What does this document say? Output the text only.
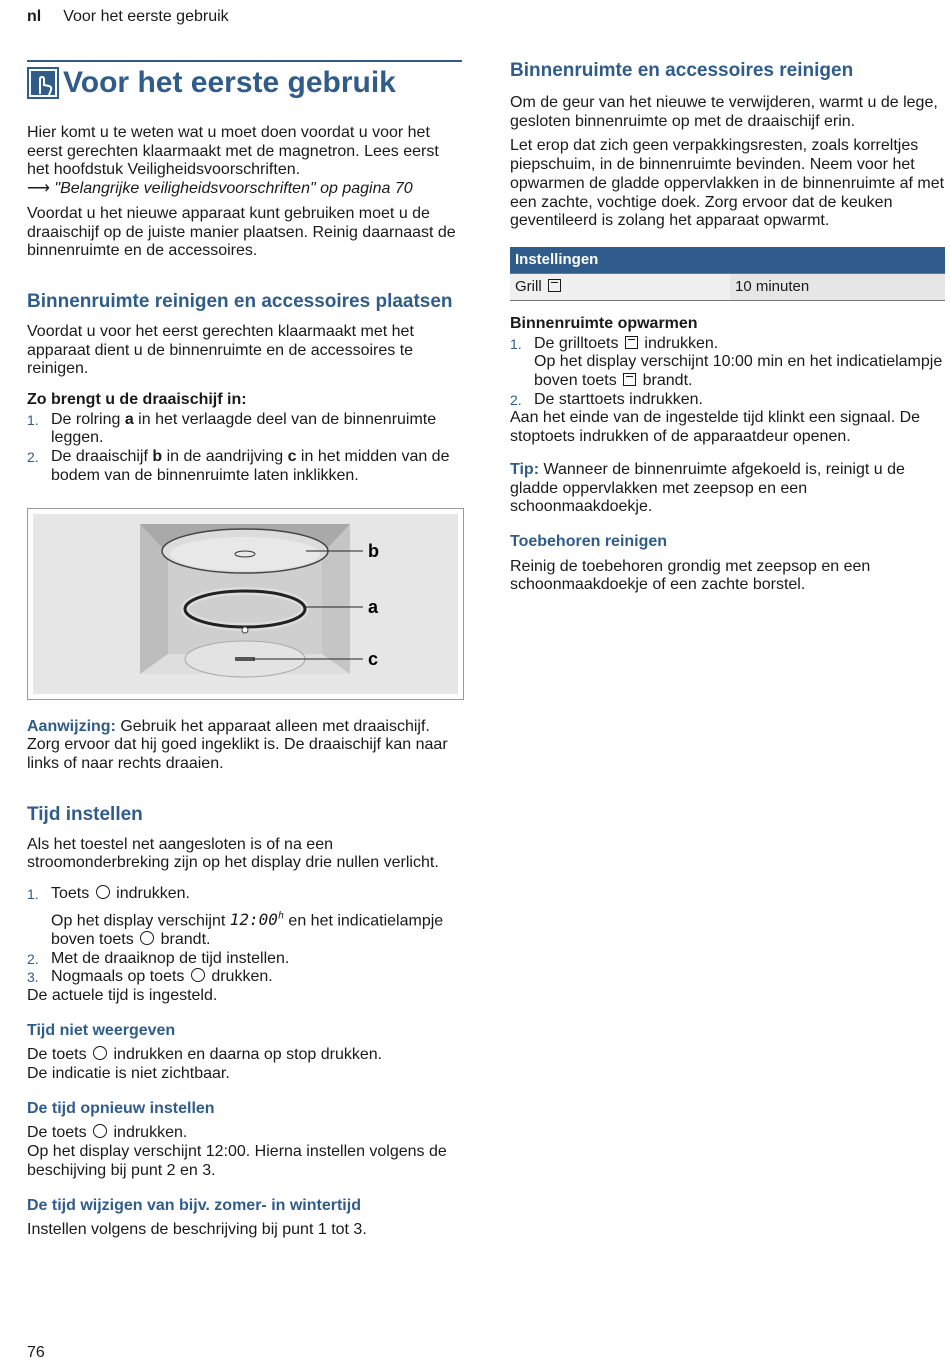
nl Voor het eerste gebruik
Voor het eerste gebruik

Hier komt u te weten wat u moet doen voordat u voor het eerst gerechten klaarmaakt met de magnetron. Lees eerst het hoofdstuk Veiligheidsvoorschriften.

⟶ "Belangrijke veiligheidsvoorschriften" op pagina 70

Voordat u het nieuwe apparaat kunt gebruiken moet u de draaischijf op de juiste manier plaatsen. Reinig daarnaast de binnenruimte en de accessoires.

Binnenruimte reinigen en accessoires plaatsen

Voordat u voor het eerst gerechten klaarmaakt met het apparaat dient u de binnenruimte en de accessoires te reinigen.

Zo brengt u de draaischijf in:

1. De rolring a in het verlaagde deel van de binnenruimte leggen.
2. De draaischijf b in de aandrijving c in het midden van de bodem van de binnenruimte laten inklikken.
b
a
c

Aanwijzing: Gebruik het apparaat alleen met draaischijf. Zorg ervoor dat hij goed ingeklikt is. De draaischijf kan naar links of naar rechts draaien.

Tijd instellen

Als het toestel net aangesloten is of na een stroomonderbreking zijn op het display drie nullen verlicht.

1. Toets indrukken.
Op het display verschijnt 12:00$^h$ en het indicatielampje boven toets brandt.
2. Met de draaiknop de tijd instellen.
3. Nogmaals op toets drukken.

De actuele tijd is ingesteld.

Tijd niet weergeven

De toets indrukken en daarna op stop drukken.

De indicatie is niet zichtbaar.

De tijd opnieuw instellen

De toets indrukken.

Op het display verschijnt 12:00. Hierna instellen volgens de beschijving bij punt 2 en 3.

De tijd wijzigen van bijv. zomer- in wintertijd

Instellen volgens de beschrijving bij punt 1 tot 3.

Binnenruimte en accessoires reinigen

Om de geur van het nieuwe te verwijderen, warmt u de lege, gesloten binnenruimte op met de draaischijf erin.

Let erop dat zich geen verpakkingsresten, zoals korreltjes piepschuim, in de binnenruimte bevinden. Neem voor het opwarmen de gladde oppervlakken in de binnenruimte af met een zachte, vochtige doek. Zorg ervoor dat de keuken geventileerd is zolang het apparaat opwarmt.

Instellingen
Grill	10 minuten

Binnenruimte opwarmen

1. De grilltoets indrukken.
Op het display verschijnt 10:00 min en het indicatielampje boven toets brandt.
2. De starttoets indrukken.

Aan het einde van de ingestelde tijd klinkt een signaal. De stoptoets indrukken of de apparaatdeur openen.

Tip: Wanneer de binnenruimte afgekoeld is, reinigt u de gladde oppervlakken met zeepsop en een schoonmaakdoekje.

Toebehoren reinigen

Reinig de toebehoren grondig met zeepsop en een schoonmaakdoekje of een zachte borstel.

76
